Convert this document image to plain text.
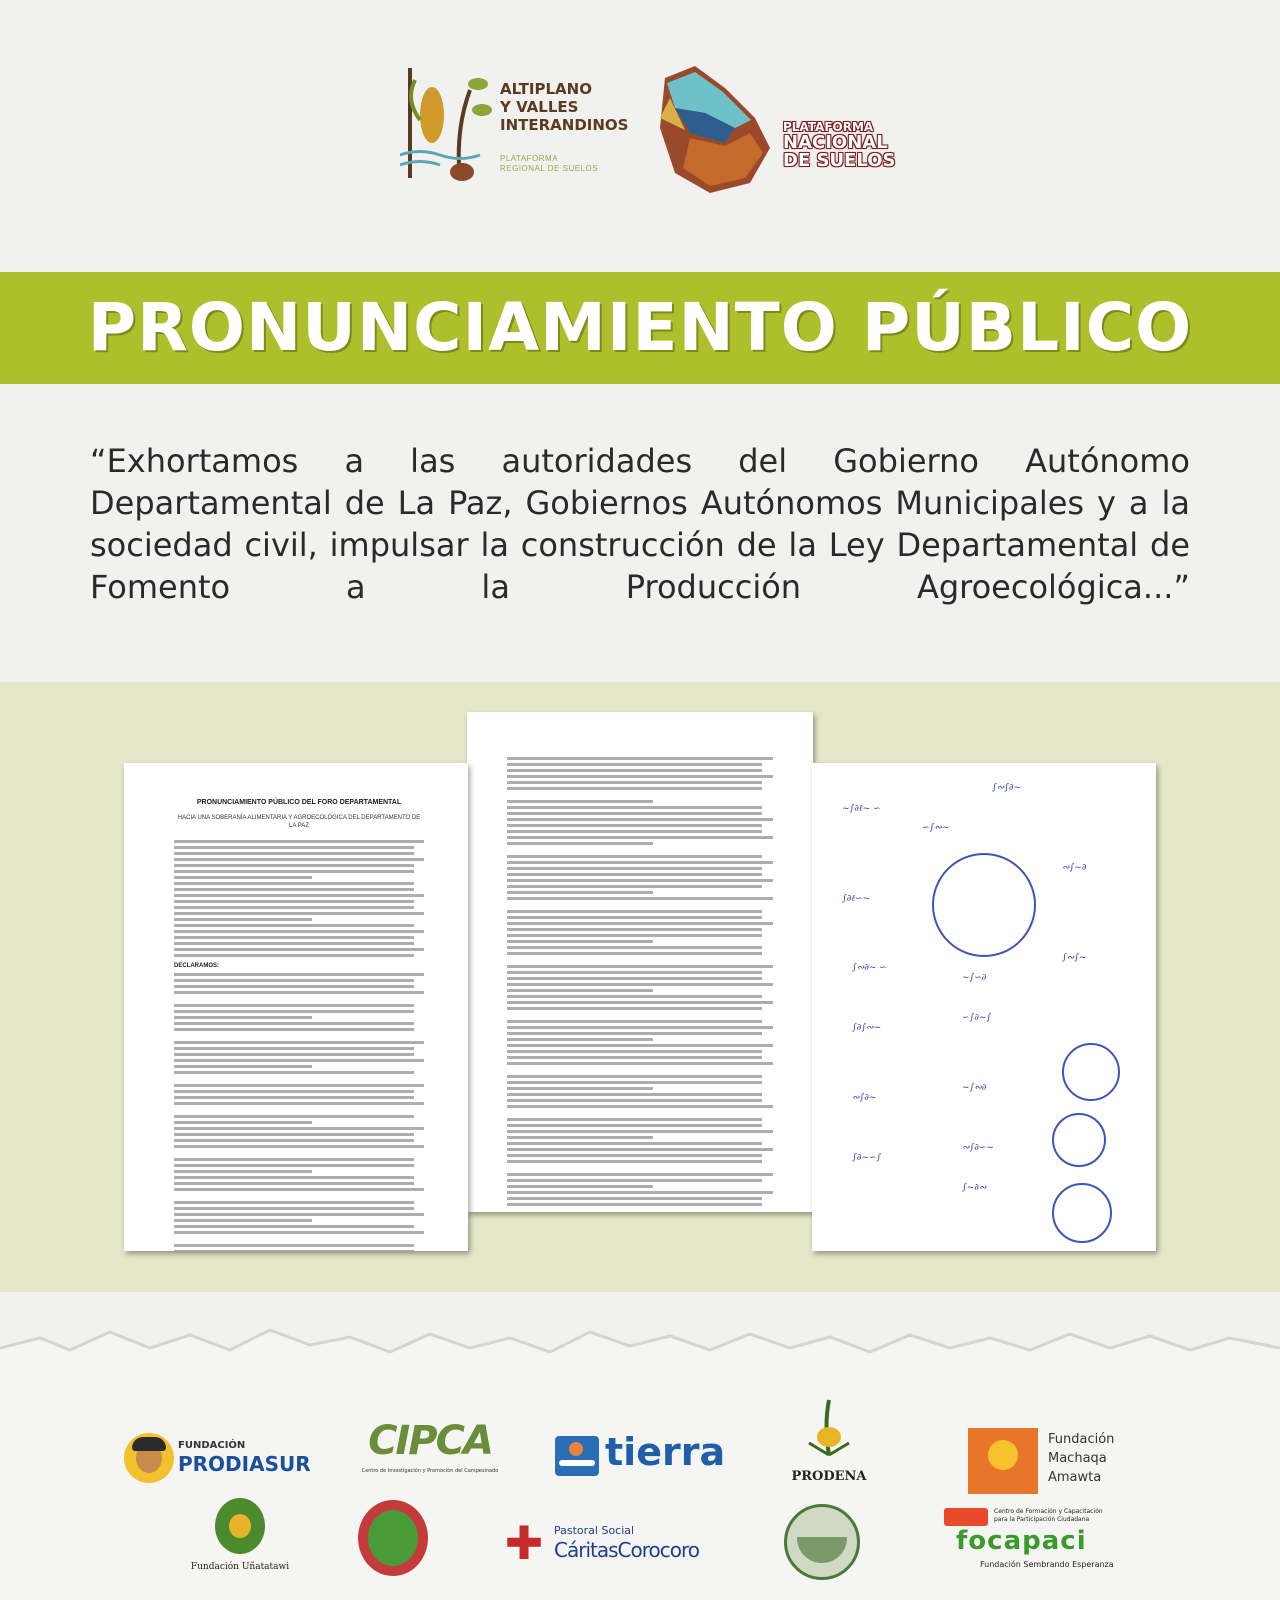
ALTIPLANO
Y VALLES
INTERANDINOS
PLATAFORMA
REGIONAL DE SUELOS
PLATAFORMA
NACIONAL
DE SUELOS
PRONUNCIAMIENTO PÚBLICO
“Exhortamos a las autoridades del Gobierno Autónomo Departamental de La Paz, Gobiernos Autónomos Municipales y a la sociedad civil, impulsar la construcción de la Ley Departamental de Fomento a la Producción Agroecológica...”
PRONUNCIAMIENTO PÚBLICO DEL FORO DEPARTAMENTAL
HACIA UNA SOBERANÍA ALIMENTARIA Y AGROECOLÓGICA DEL DEPARTAMENTO DE LA PAZ
DECLARAMOS:
~∫∂ℓ~ ∽
∫∾∫∂~
∽∫∾~
∫∂ℓ∽~
∾∫~∂
∫∾∂~ ∽
~∫∽∂
∫∾∫~
∫∂∫∾~
∽∫∂~∫
∾∫∂~
~∫∾∂
∫∂~∽∫
∾∫∂∽~
∫~∂∾
FUNDACIÓN
PRODIASUR CIPCA
Centro de Investigación y Promoción del Campesinado	tierra
PRODENA
Fundación
Machaqa
Amawta
Fundación Uñatatawi	✚ Pastoral Social
CáritasCorocoro
Centro de Formación y Capacitación
para la Participación Ciudadana
focapaci
Fundación Sembrando Esperanza
